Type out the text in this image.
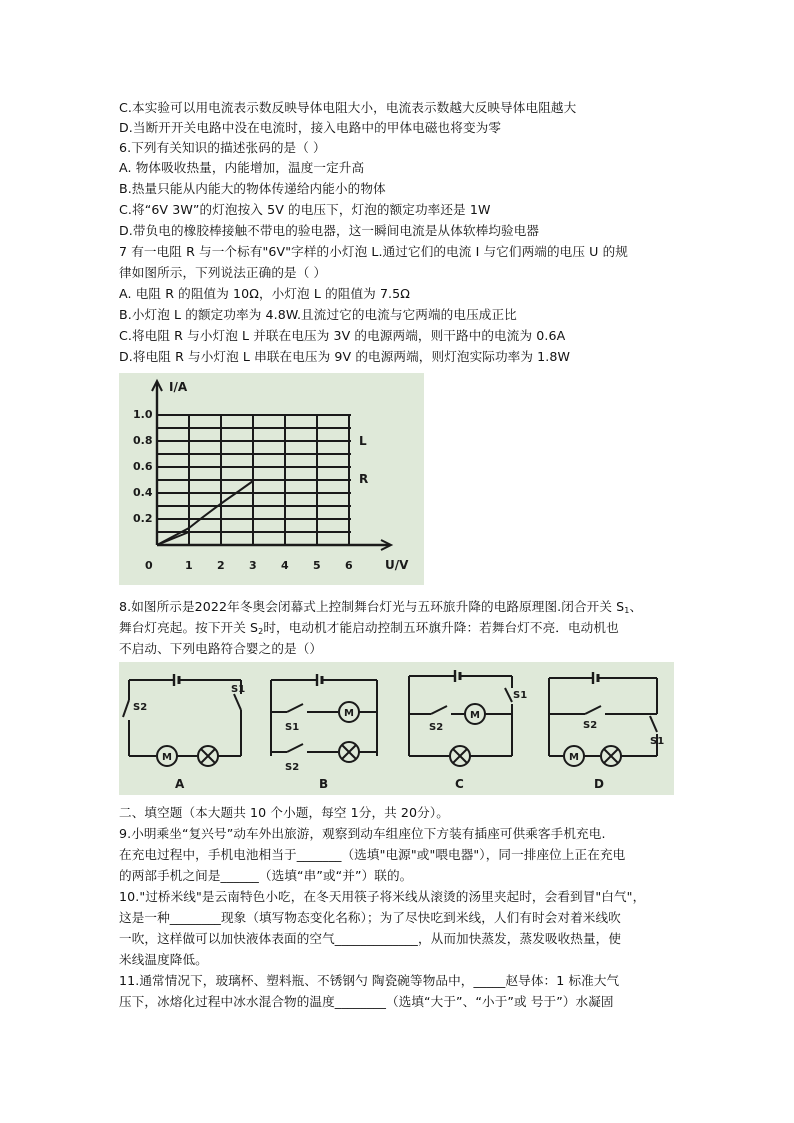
C.本实验可以用电流表示数反映导体电阻大小，电流表示数越大反映导体电阻越大
D.当断开开关电路中没在电流时，接入电路中的甲体电磁也将变为零
6.下列有关知识的描述张码的是（ ）
A. 物体吸收热量，内能增加，温度一定升高
B.热量只能从内能大的物体传递给内能小的物体
C.将“6V 3W”的灯泡按入 5V 的电压下，灯泡的额定功率还是 1W
D.带负电的橡胶棒接触不带电的验电器，这一瞬间电流是从体软棒均验电器
7 有一电阻 R 与一个标有"6V"字样的小灯泡 L.通过它们的电流 I 与它们两端的电压 U 的规
律如图所示，下列说法正确的是（ ）
A. 电阻 R 的阻值为 10Ω，小灯泡 L 的阻值为 7.5Ω
B.小灯泡 L 的额定功率为 4.8W.且流过它的电流与它两端的电压成正比
C.将电阻 R 与小灯泡 L 并联在电压为 3V 的电源两端，则干路中的电流为 0.6A
D.将电阻 R 与小灯泡 L 串联在电压为 9V 的电源两端，则灯泡实际功率为 1.8W
1.0
0.8
0.6
0.4
0.2
I/A
0	1 2 3 4 5 6	U/V
L
R
8.如图所示是2022年冬奥会闭幕式上控制舞台灯光与五环旅升降的电路原理图.闭合开关 $S_1$、
舞台灯亮起。按下开关 $S_2$时，电动机才能启动控制五环旗升降：若舞台灯不亮．电动机也
不启动、下列电路符合婴之的是（）
S2
S1
M
S1
S2
M
S2
S1
M
S2
S1
M
A	B	C	D
二、填空题（本大题共 10 个小题，每空 1分，共 20分）。
9.小明乘坐“复兴号”动车外出旅游，观察到动车组座位下方装有插座可供乘客手机充电.
在充电过程中，手机电池相当于_______（选填"电源"或"喂电器"），同一排座位上正在充电
的两部手机之间是______（选填“串”或“并”）联的。
10."过桥米线"是云南特色小吃，在冬天用筷子将米线从滚烫的汤里夹起时，会看到冒"白气"，
这是一种________现象（填写物态变化名称）；为了尽快吃到米线，人们有时会对着米线吹
一吹，这样做可以加快液体表面的空气_____________，从而加快蒸发，蒸发吸收热量，使
米线温度降低。
11.通常情况下，玻璃杯、塑料瓶、不锈钢勺 陶瓷碗等物品中，_____赵导体：1 标准大气
压下，冰熔化过程中冰水混合物的温度________（选填“大于”、“小于”或 号于”）水凝固
